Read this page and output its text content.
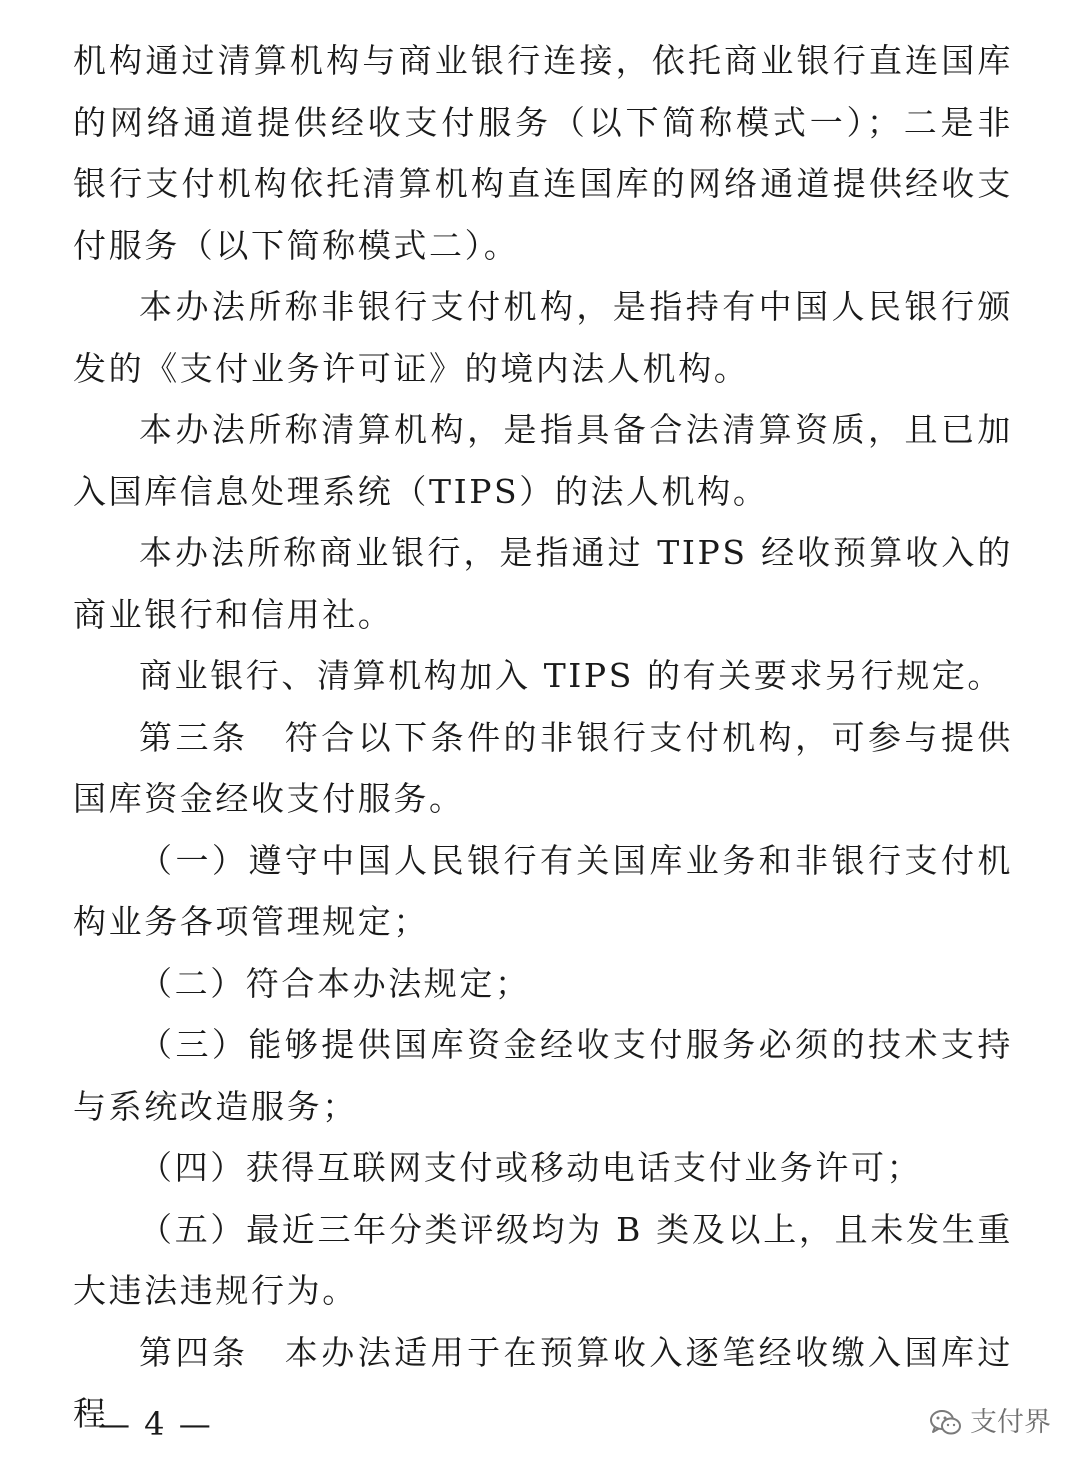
机构通过清算机构与商业银行连接，依托商业银行直连国库的网络通道提供经收支付服务（以下简称模式一）；二是非银行支付机构依托清算机构直连国库的网络通道提供经收支付服务（以下简称模式二）。

本办法所称非银行支付机构，是指持有中国人民银行颁发的《支付业务许可证》的境内法人机构。

本办法所称清算机构，是指具备合法清算资质，且已加入国库信息处理系统（TIPS）的法人机构。

本办法所称商业银行，是指通过 TIPS 经收预算收入的商业银行和信用社。

商业银行、清算机构加入 TIPS 的有关要求另行规定。

第三条　符合以下条件的非银行支付机构，可参与提供国库资金经收支付服务。

（一）遵守中国人民银行有关国库业务和非银行支付机构业务各项管理规定；

（二）符合本办法规定；

（三）能够提供国库资金经收支付服务必须的技术支持与系统改造服务；

（四）获得互联网支付或移动电话支付业务许可；

（五）最近三年分类评级均为 B 类及以上，且未发生重大违法违规行为。

第四条　本办法适用于在预算收入逐笔经收缴入国库过程

— 4 —	支付界
